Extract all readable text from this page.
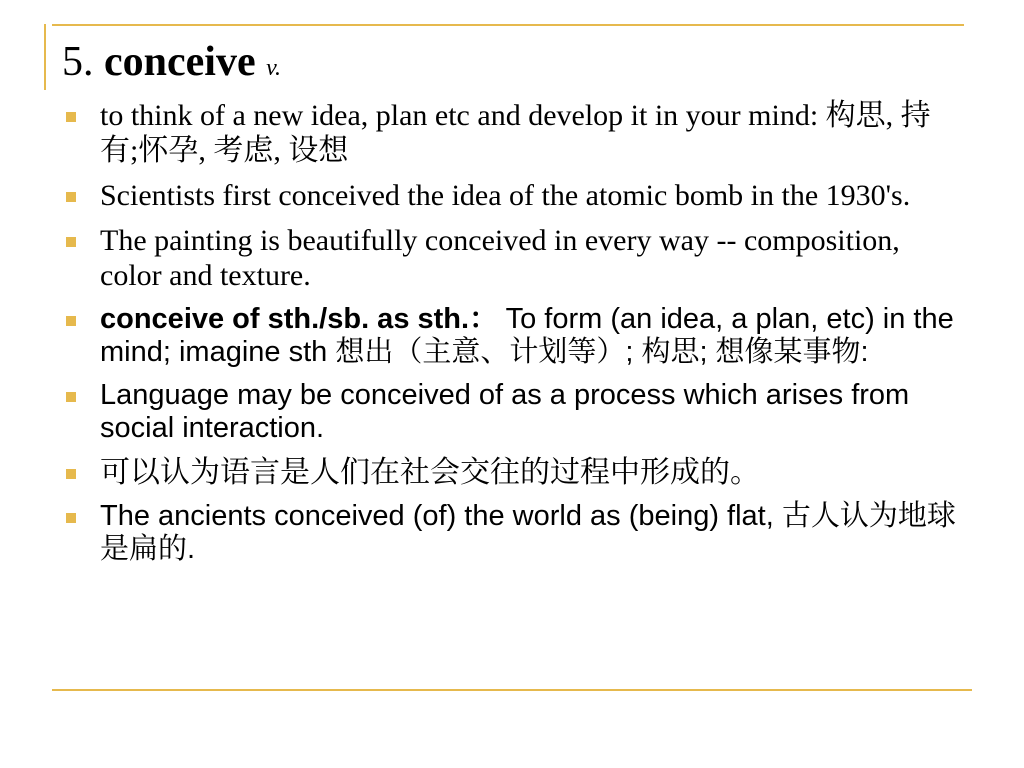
5. conceive v.
to think of a new idea, plan etc and develop it in your mind: 构思, 持有;怀孕, 考虑, 设想
Scientists first conceived the idea of the atomic bomb in the 1930's.
The painting is beautifully conceived in every way -- composition, color and texture.
conceive of sth./sb. as sth.： To form (an idea, a plan, etc) in the mind; imagine sth 想出（主意、计划等）; 构思; 想像某事物:
Language may be conceived of as a process which arises from social interaction.
可以认为语言是人们在社会交往的过程中形成的。
The ancients conceived (of) the world as (being) flat, 古人认为地球是扁的.
